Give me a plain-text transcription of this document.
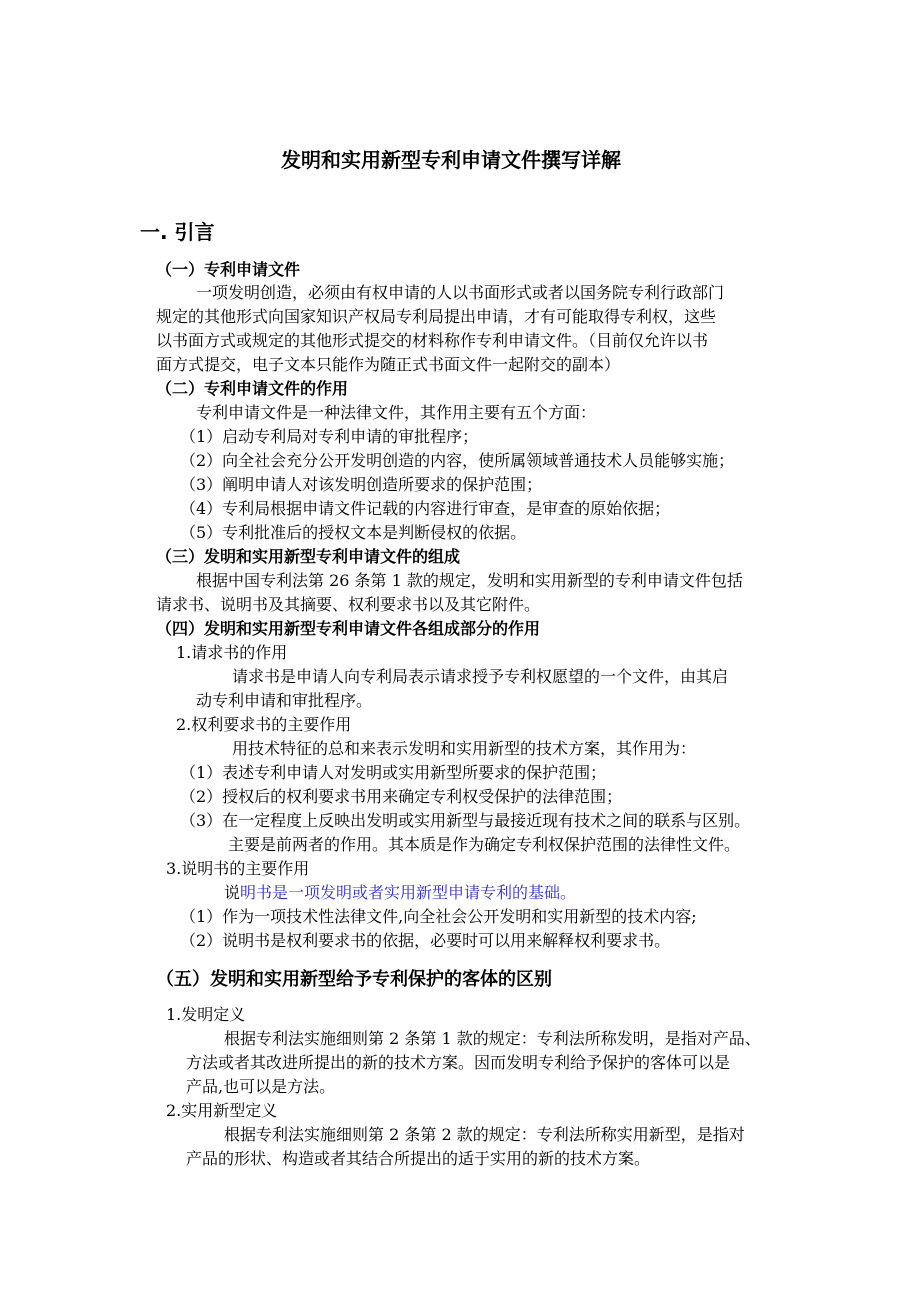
发明和实用新型专利申请文件撰写详解
一. 引言
（一）专利申请文件
一项发明创造，必须由有权申请的人以书面形式或者以国务院专利行政部门
规定的其他形式向国家知识产权局专利局提出申请，才有可能取得专利权，这些
以书面方式或规定的其他形式提交的材料称作专利申请文件。（目前仅允许以书
面方式提交，电子文本只能作为随正式书面文件一起附交的副本）
（二）专利申请文件的作用
专利申请文件是一种法律文件，其作用主要有五个方面：
（1）启动专利局对专利申请的审批程序；
（2）向全社会充分公开发明创造的内容，使所属领域普通技术人员能够实施；
（3）阐明申请人对该发明创造所要求的保护范围；
（4）专利局根据申请文件记载的内容进行审查，是审查的原始依据；
（5）专利批准后的授权文本是判断侵权的依据。
（三）发明和实用新型专利申请文件的组成
根据中国专利法第 26 条第 1 款的规定，发明和实用新型的专利申请文件包括
请求书、说明书及其摘要、权利要求书以及其它附件。
（四）发明和实用新型专利申请文件各组成部分的作用
1.请求书的作用
请求书是申请人向专利局表示请求授予专利权愿望的一个文件，由其启
动专利申请和审批程序。
2.权利要求书的主要作用
用技术特征的总和来表示发明和实用新型的技术方案，其作用为：
（1）表述专利申请人对发明或实用新型所要求的保护范围；
（2）授权后的权利要求书用来确定专利权受保护的法律范围；
（3）在一定程度上反映出发明或实用新型与最接近现有技术之间的联系与区别。
主要是前两者的作用。其本质是作为确定专利权保护范围的法律性文件。
3.说明书的主要作用
说明书是一项发明或者实用新型申请专利的基础。
（1）作为一项技术性法律文件,向全社会公开发明和实用新型的技术内容;
（2）说明书是权利要求书的依据，必要时可以用来解释权利要求书。
（五）发明和实用新型给予专利保护的客体的区别
1.发明定义
根据专利法实施细则第 2 条第 1 款的规定：专利法所称发明，是指对产品、
方法或者其改进所提出的新的技术方案。因而发明专利给予保护的客体可以是
产品,也可以是方法。
2.实用新型定义
根据专利法实施细则第 2 条第 2 款的规定：专利法所称实用新型，是指对
产品的形状、构造或者其结合所提出的适于实用的新的技术方案。
